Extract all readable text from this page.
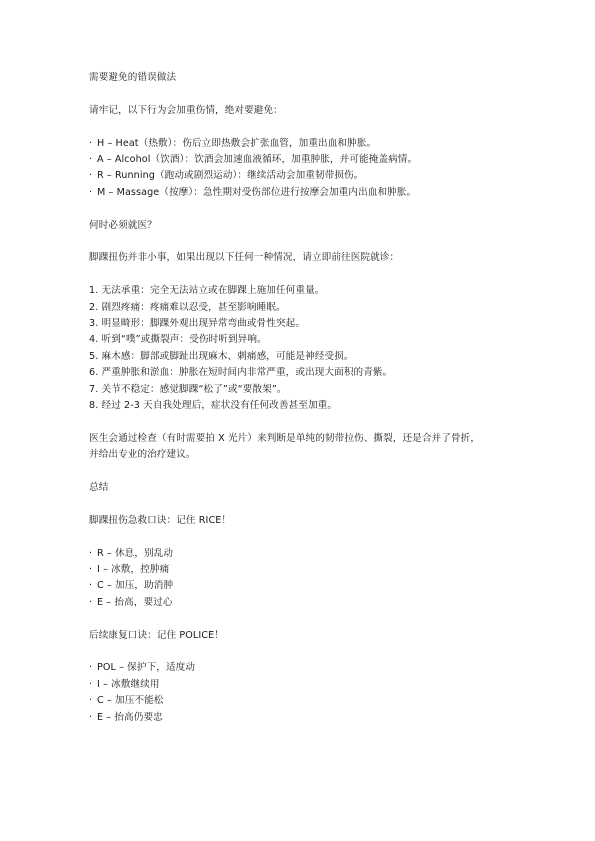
需要避免的错误做法

请牢记，以下行为会加重伤情，绝对要避免：

· H – Heat（热敷）：伤后立即热敷会扩张血管，加重出血和肿胀。
· A – Alcohol（饮酒）：饮酒会加速血液循环，加重肿胀，并可能掩盖病情。
· R – Running（跑动或剧烈运动）：继续活动会加重韧带损伤。
· M – Massage（按摩）：急性期对受伤部位进行按摩会加重内出血和肿胀。

何时必须就医？

脚踝扭伤并非小事，如果出现以下任何一种情况，请立即前往医院就诊：

1. 无法承重：完全无法站立或在脚踝上施加任何重量。
2. 剧烈疼痛：疼痛难以忍受，甚至影响睡眠。
3. 明显畸形：脚踝外观出现异常弯曲或骨性突起。
4. 听到“噗”或撕裂声：受伤时听到异响。
5. 麻木感：脚部或脚趾出现麻木、刺痛感，可能是神经受损。
6. 严重肿胀和淤血：肿胀在短时间内非常严重，或出现大面积的青紫。
7. 关节不稳定：感觉脚踝“松了”或“要散架”。
8. 经过 2-3 天自我处理后，症状没有任何改善甚至加重。

医生会通过检查（有时需要拍 X 光片）来判断是单纯的韧带拉伤、撕裂，还是合并了骨折，

并给出专业的治疗建议。

总结

脚踝扭伤急救口诀：记住 RICE！

· R – 休息，别乱动
· I – 冰敷，控肿痛
· C – 加压，助消肿
· E – 抬高，要过心

后续康复口诀：记住 POLICE！

· POL – 保护下，适度动
· I – 冰敷继续用
· C – 加压不能松
· E – 抬高仍要忠
